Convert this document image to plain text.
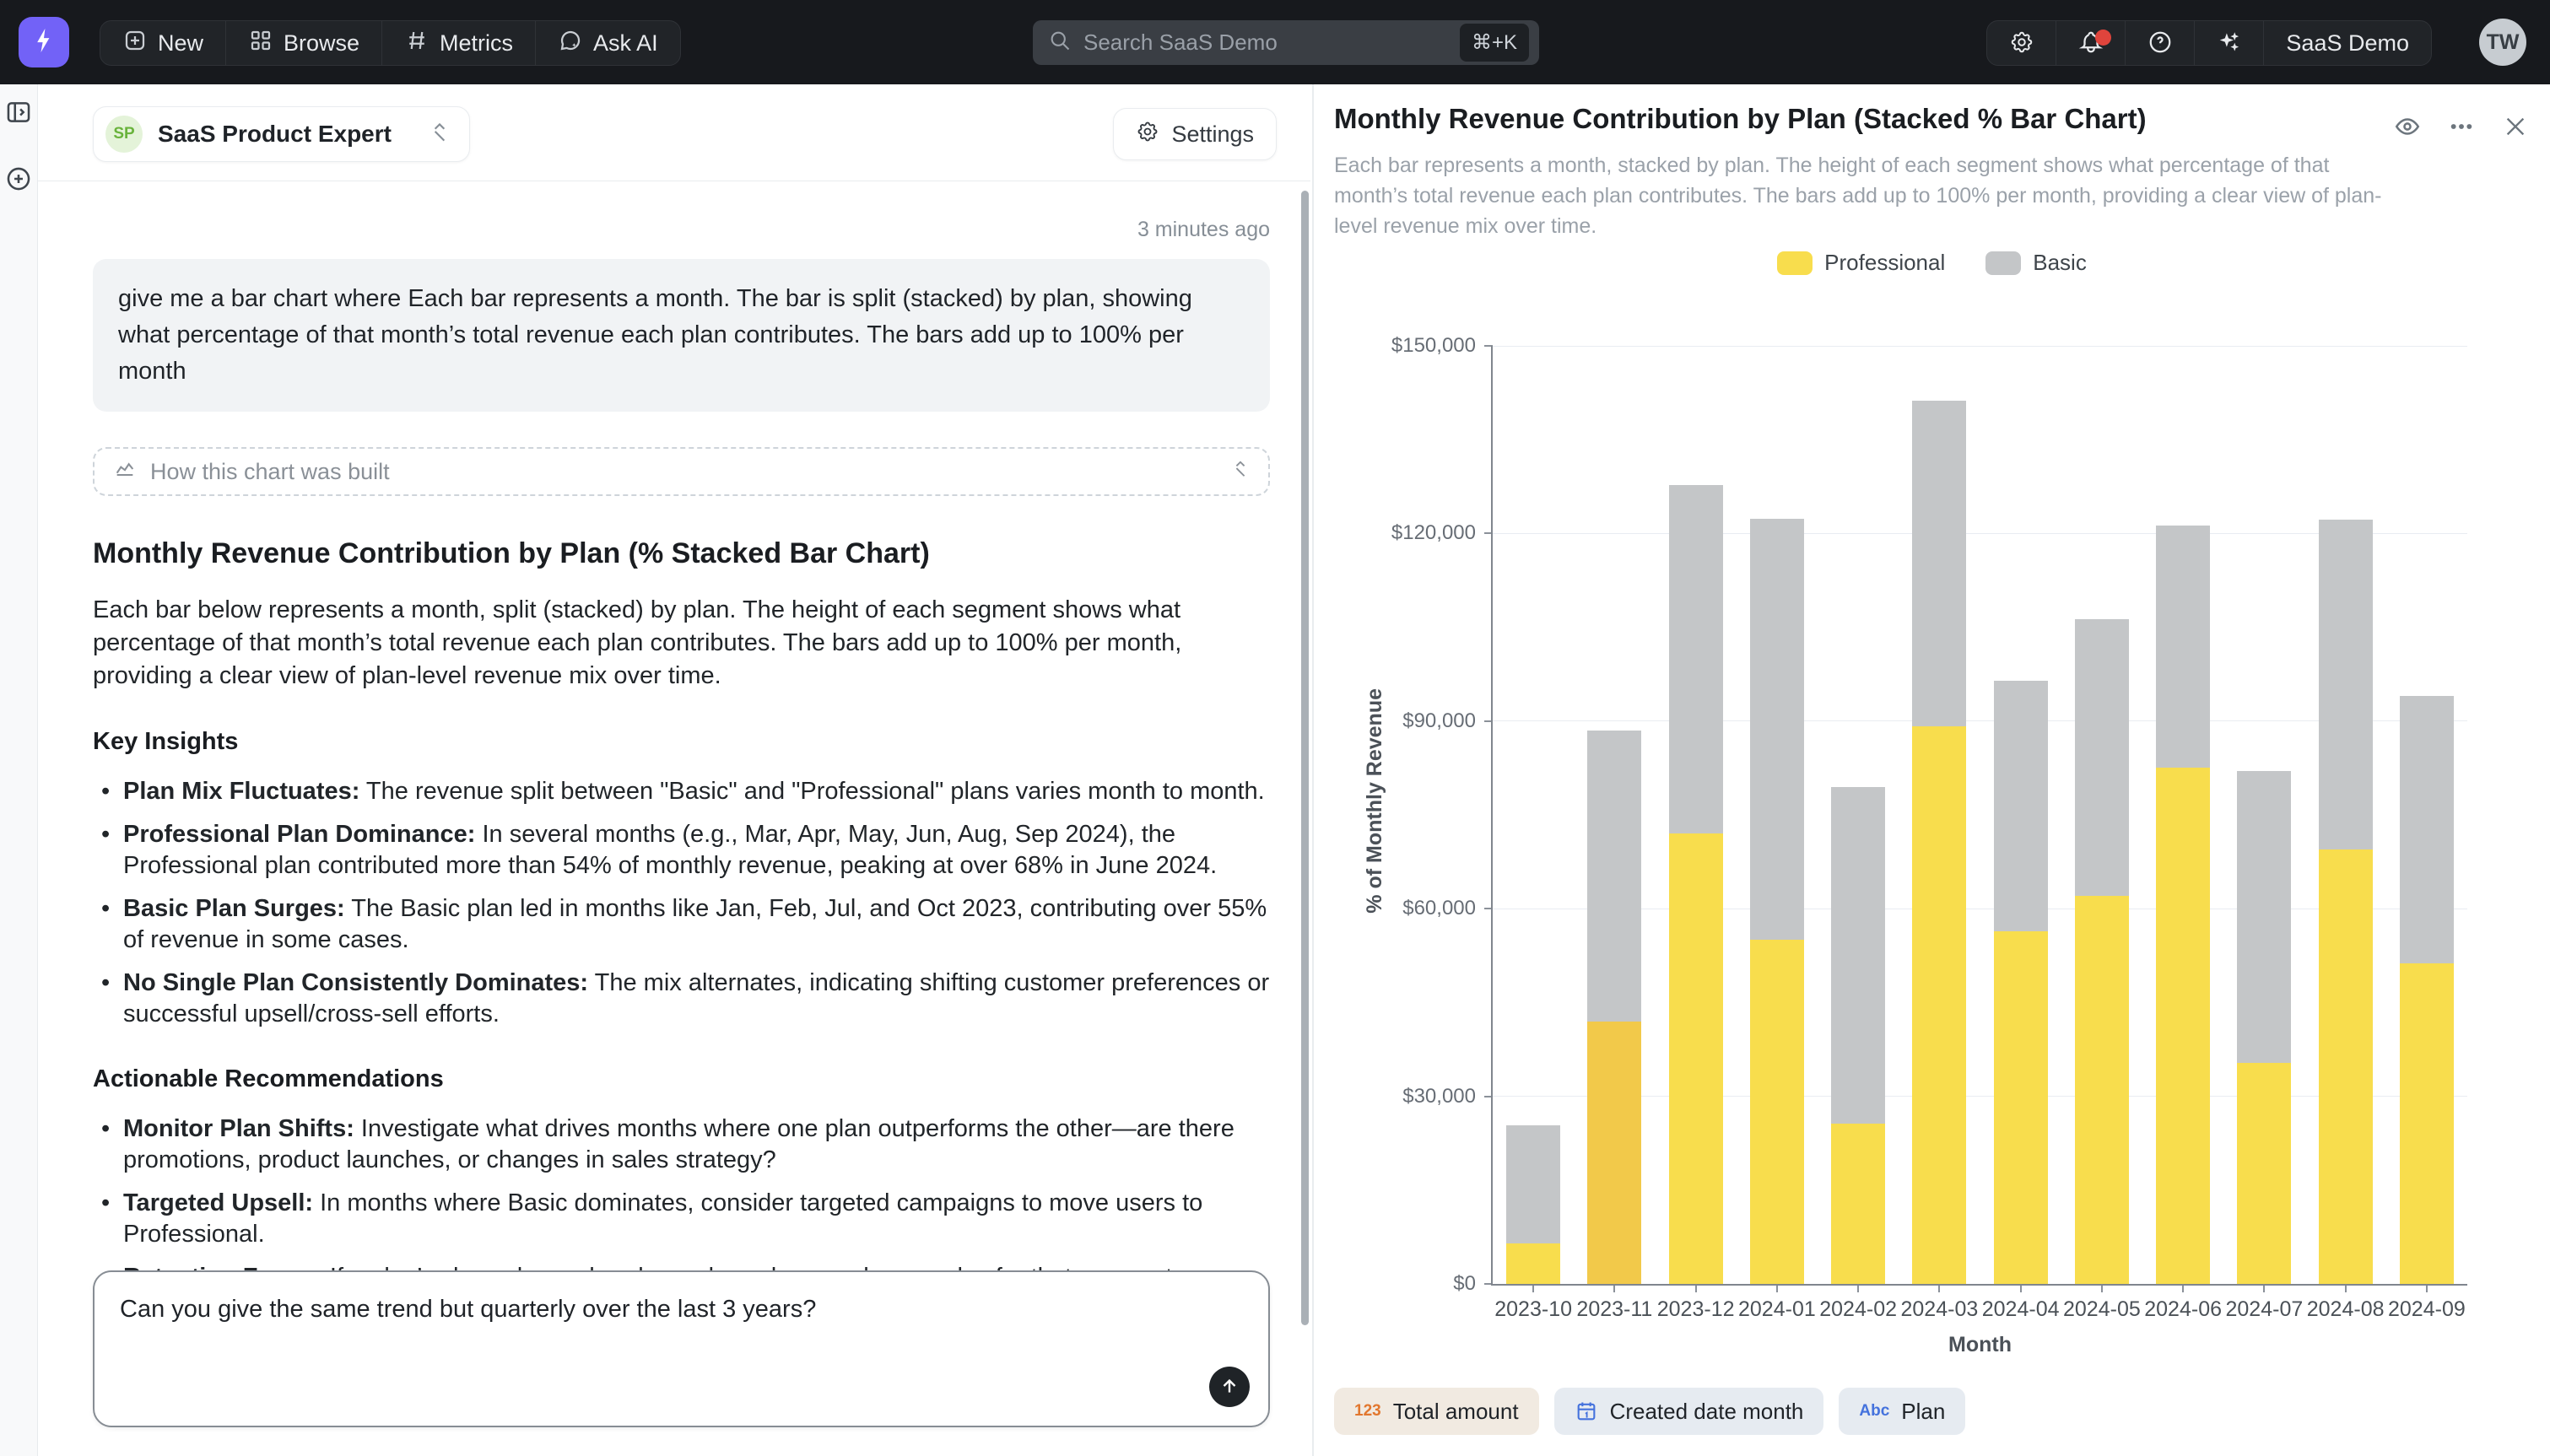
New	Browse	Metrics	Ask AI
Search SaaS Demo	⌘+K	SaaS Demo	TW
SP SaaS Product Expert	Settings
3 minutes ago
give me a bar chart where Each bar represents a month. The bar is split (stacked) by plan, showing what percentage of that month’s total revenue each plan contributes. The bars add up to 100% per month
How this chart was built
Monthly Revenue Contribution by Plan (% Stacked Bar Chart)

Each bar below represents a month, split (stacked) by plan. The height of each segment shows what percentage of that month’s total revenue each plan contributes. The bars add up to 100% per month, providing a clear view of plan-level revenue mix over time.

Key Insights
• Plan Mix Fluctuates: The revenue split between "Basic" and "Professional" plans varies month to month.
• Professional Plan Dominance: In several months (e.g., Mar, Apr, May, Jun, Aug, Sep 2024), the Professional plan contributed more than 54% of monthly revenue, peaking at over 68% in June 2024.
• Basic Plan Surges: The Basic plan led in months like Jan, Feb, Jul, and Oct 2023, contributing over 55% of revenue in some cases.
• No Single Plan Consistently Dominates: The mix alternates, indicating shifting customer preferences or successful upsell/cross-sell efforts.
Actionable Recommendations
• Monitor Plan Shifts: Investigate what drives months where one plan outperforms the other—are there promotions, product launches, or changes in sales strategy?
• Targeted Upsell: In months where Basic dominates, consider targeted campaigns to move users to Professional.
•

Can you give the same trend but quarterly over the last 3 years?
Monthly Revenue Contribution by Plan (Stacked % Bar Chart)
Each bar represents a month, stacked by plan. The height of each segment shows what percentage of that month’s total revenue each plan contributes. The bars add up to 100% per month, providing a clear view of plan-level revenue mix over time.
Professional	Basic
$0
$30,000
$60,000
$90,000
$120,000
$150,000
2023-10 2023-11 2023-12 2024-01 2024-02 2024-03 2024-04 2024-05 2024-06 2024-07 2024-08 2024-09
% of Monthly Revenue
Month
123 Total amount	Created date month	Abc Plan
